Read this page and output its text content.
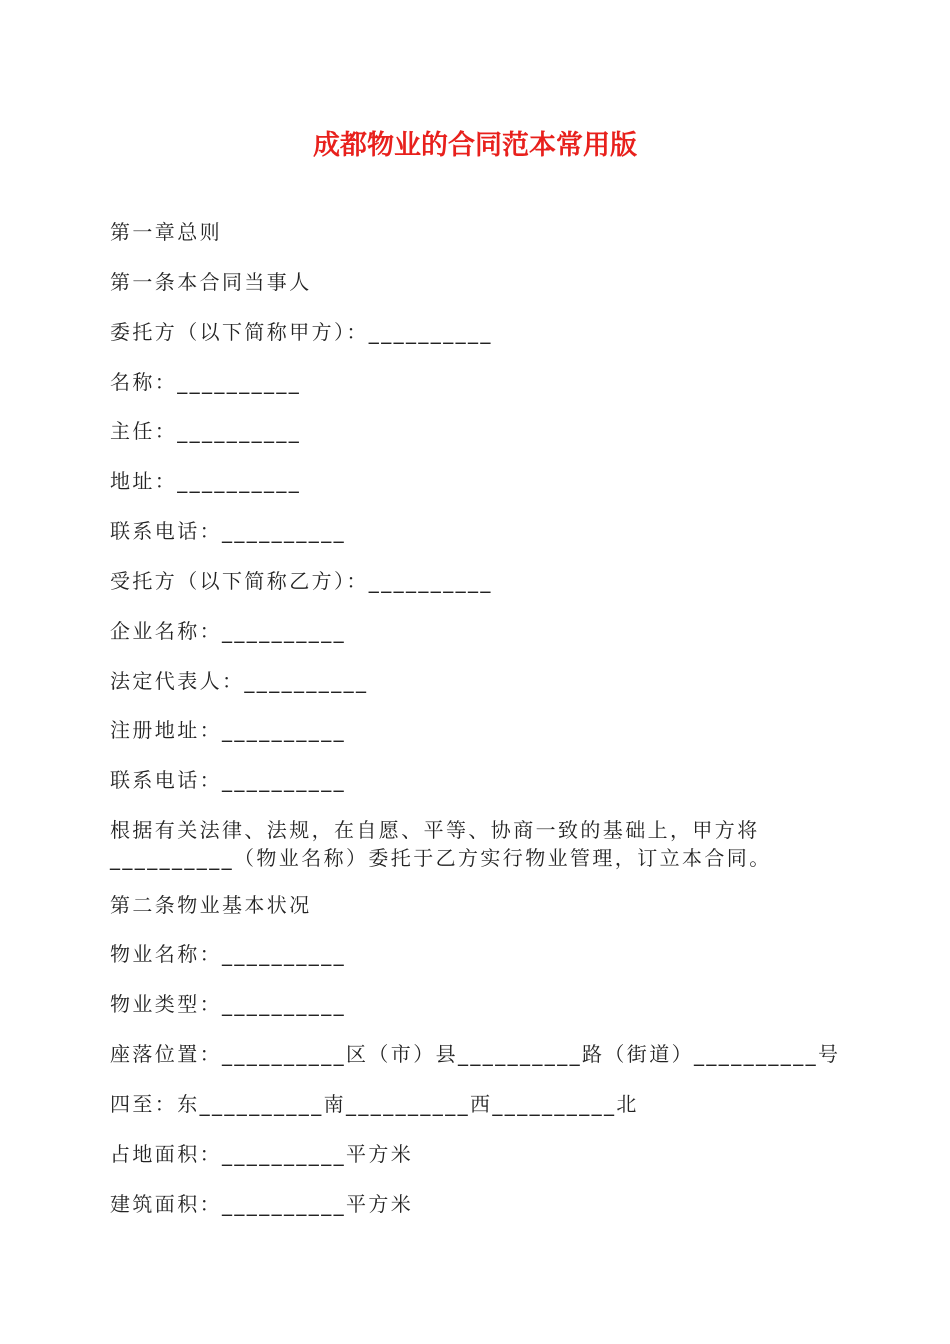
成都物业的合同范本常用版

第一章总则

第一条本合同当事人

委托方（以下简称甲方）：__________

名称：__________

主任：__________

地址：__________

联系电话：__________

受托方（以下简称乙方）：__________

企业名称：__________

法定代表人：__________

注册地址：__________

联系电话：__________

根据有关法律、法规，在自愿、平等、协商一致的基础上，甲方将__________（物业名称）委托于乙方实行物业管理，订立本合同。

第二条物业基本状况

物业名称：__________

物业类型：__________

座落位置：__________区（市）县__________路（街道）__________号

四至：东__________南__________西__________北

占地面积：__________平方米

建筑面积：__________平方米
